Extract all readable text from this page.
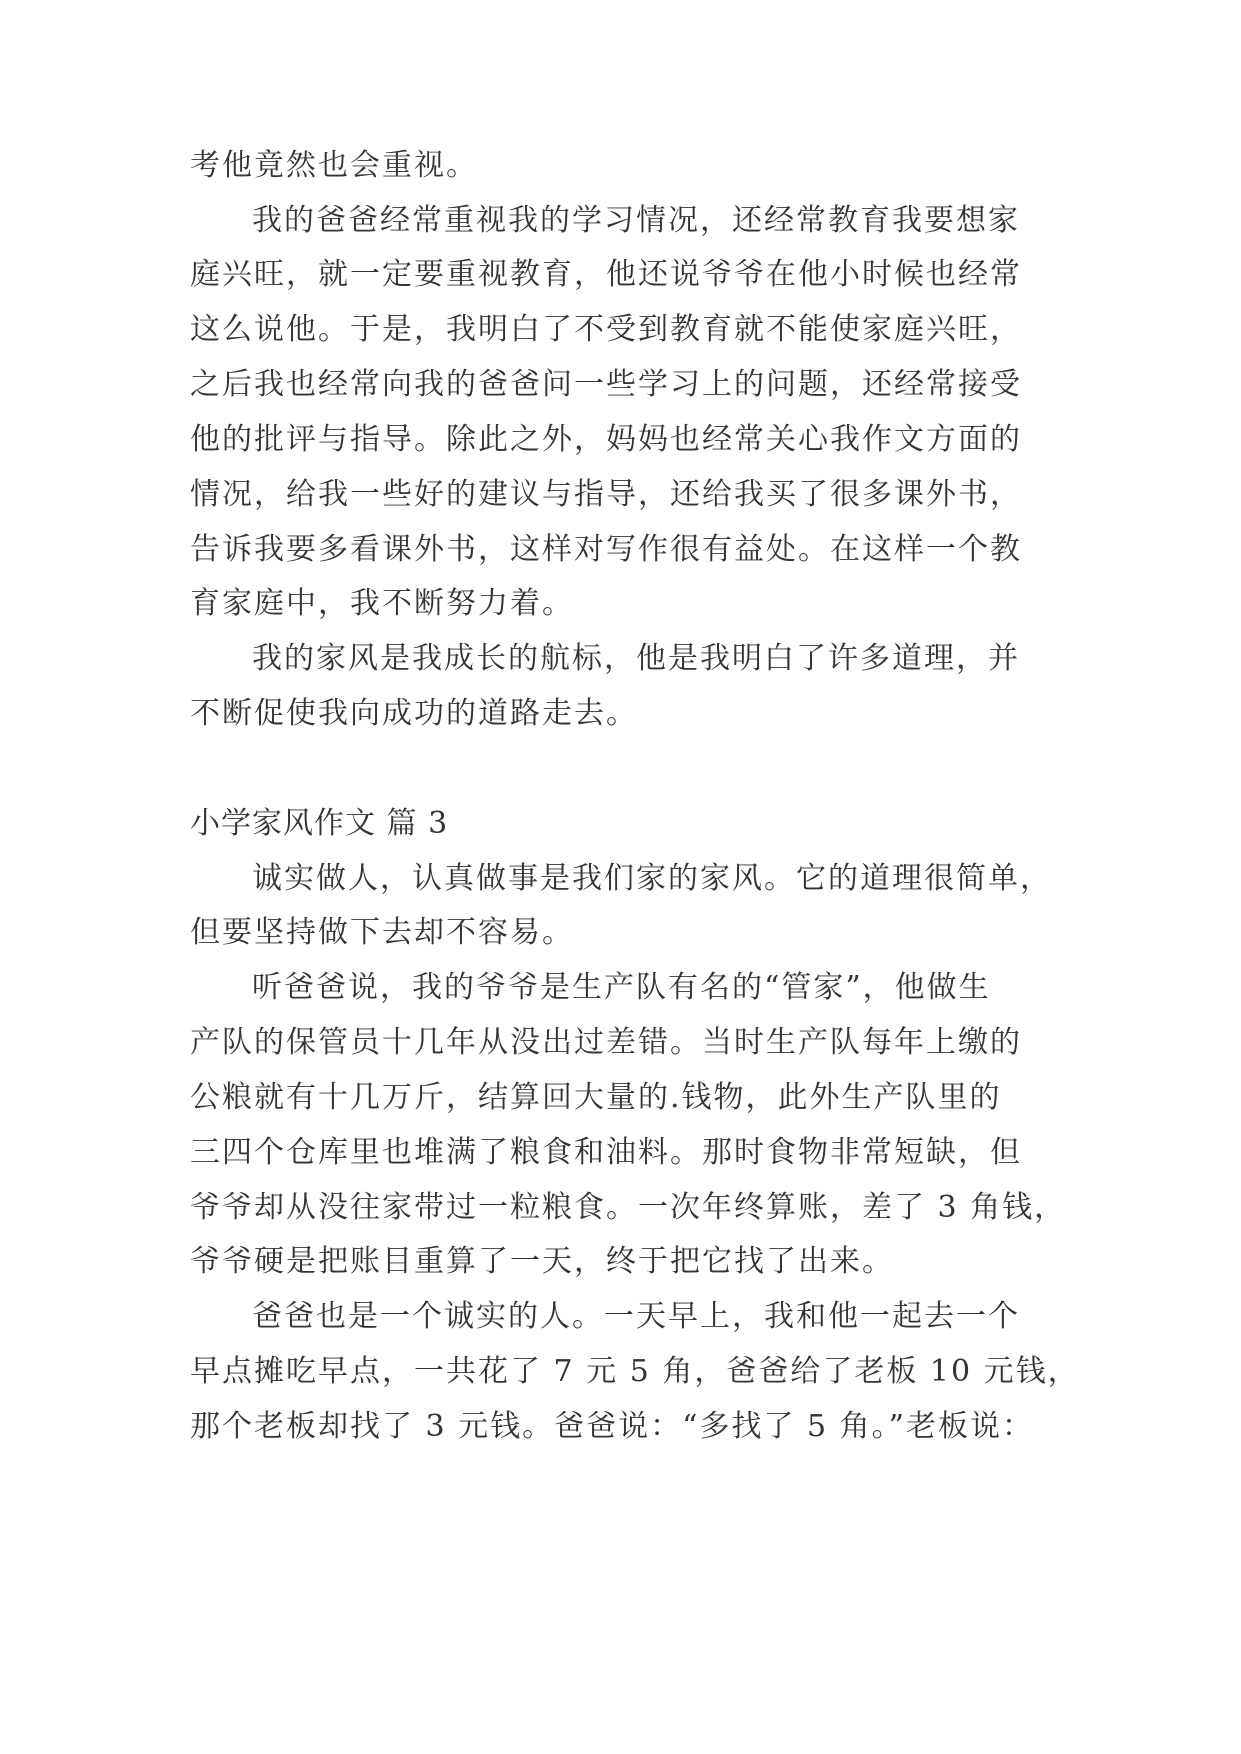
考他竟然也会重视。
我的爸爸经常重视我的学习情况，还经常教育我要想家
庭兴旺，就一定要重视教育，他还说爷爷在他小时候也经常
这么说他。于是，我明白了不受到教育就不能使家庭兴旺，
之后我也经常向我的爸爸问一些学习上的问题，还经常接受
他的批评与指导。除此之外，妈妈也经常关心我作文方面的
情况，给我一些好的建议与指导，还给我买了很多课外书，
告诉我要多看课外书，这样对写作很有益处。在这样一个教
育家庭中，我不断努力着。
我的家风是我成长的航标，他是我明白了许多道理，并
不断促使我向成功的道路走去。
小学家风作文 篇 3
诚实做人，认真做事是我们家的家风。它的道理很简单，
但要坚持做下去却不容易。
听爸爸说，我的爷爷是生产队有名的“管家”，他做生
产队的保管员十几年从没出过差错。当时生产队每年上缴的
公粮就有十几万斤，结算回大量的.钱物，此外生产队里的
三四个仓库里也堆满了粮食和油料。那时食物非常短缺，但
爷爷却从没往家带过一粒粮食。一次年终算账，差了 3 角钱，
爷爷硬是把账目重算了一天，终于把它找了出来。
爸爸也是一个诚实的人。一天早上，我和他一起去一个
早点摊吃早点，一共花了 7 元 5 角，爸爸给了老板 10 元钱，
那个老板却找了 3 元钱。爸爸说：“多找了 5 角。”老板说：
